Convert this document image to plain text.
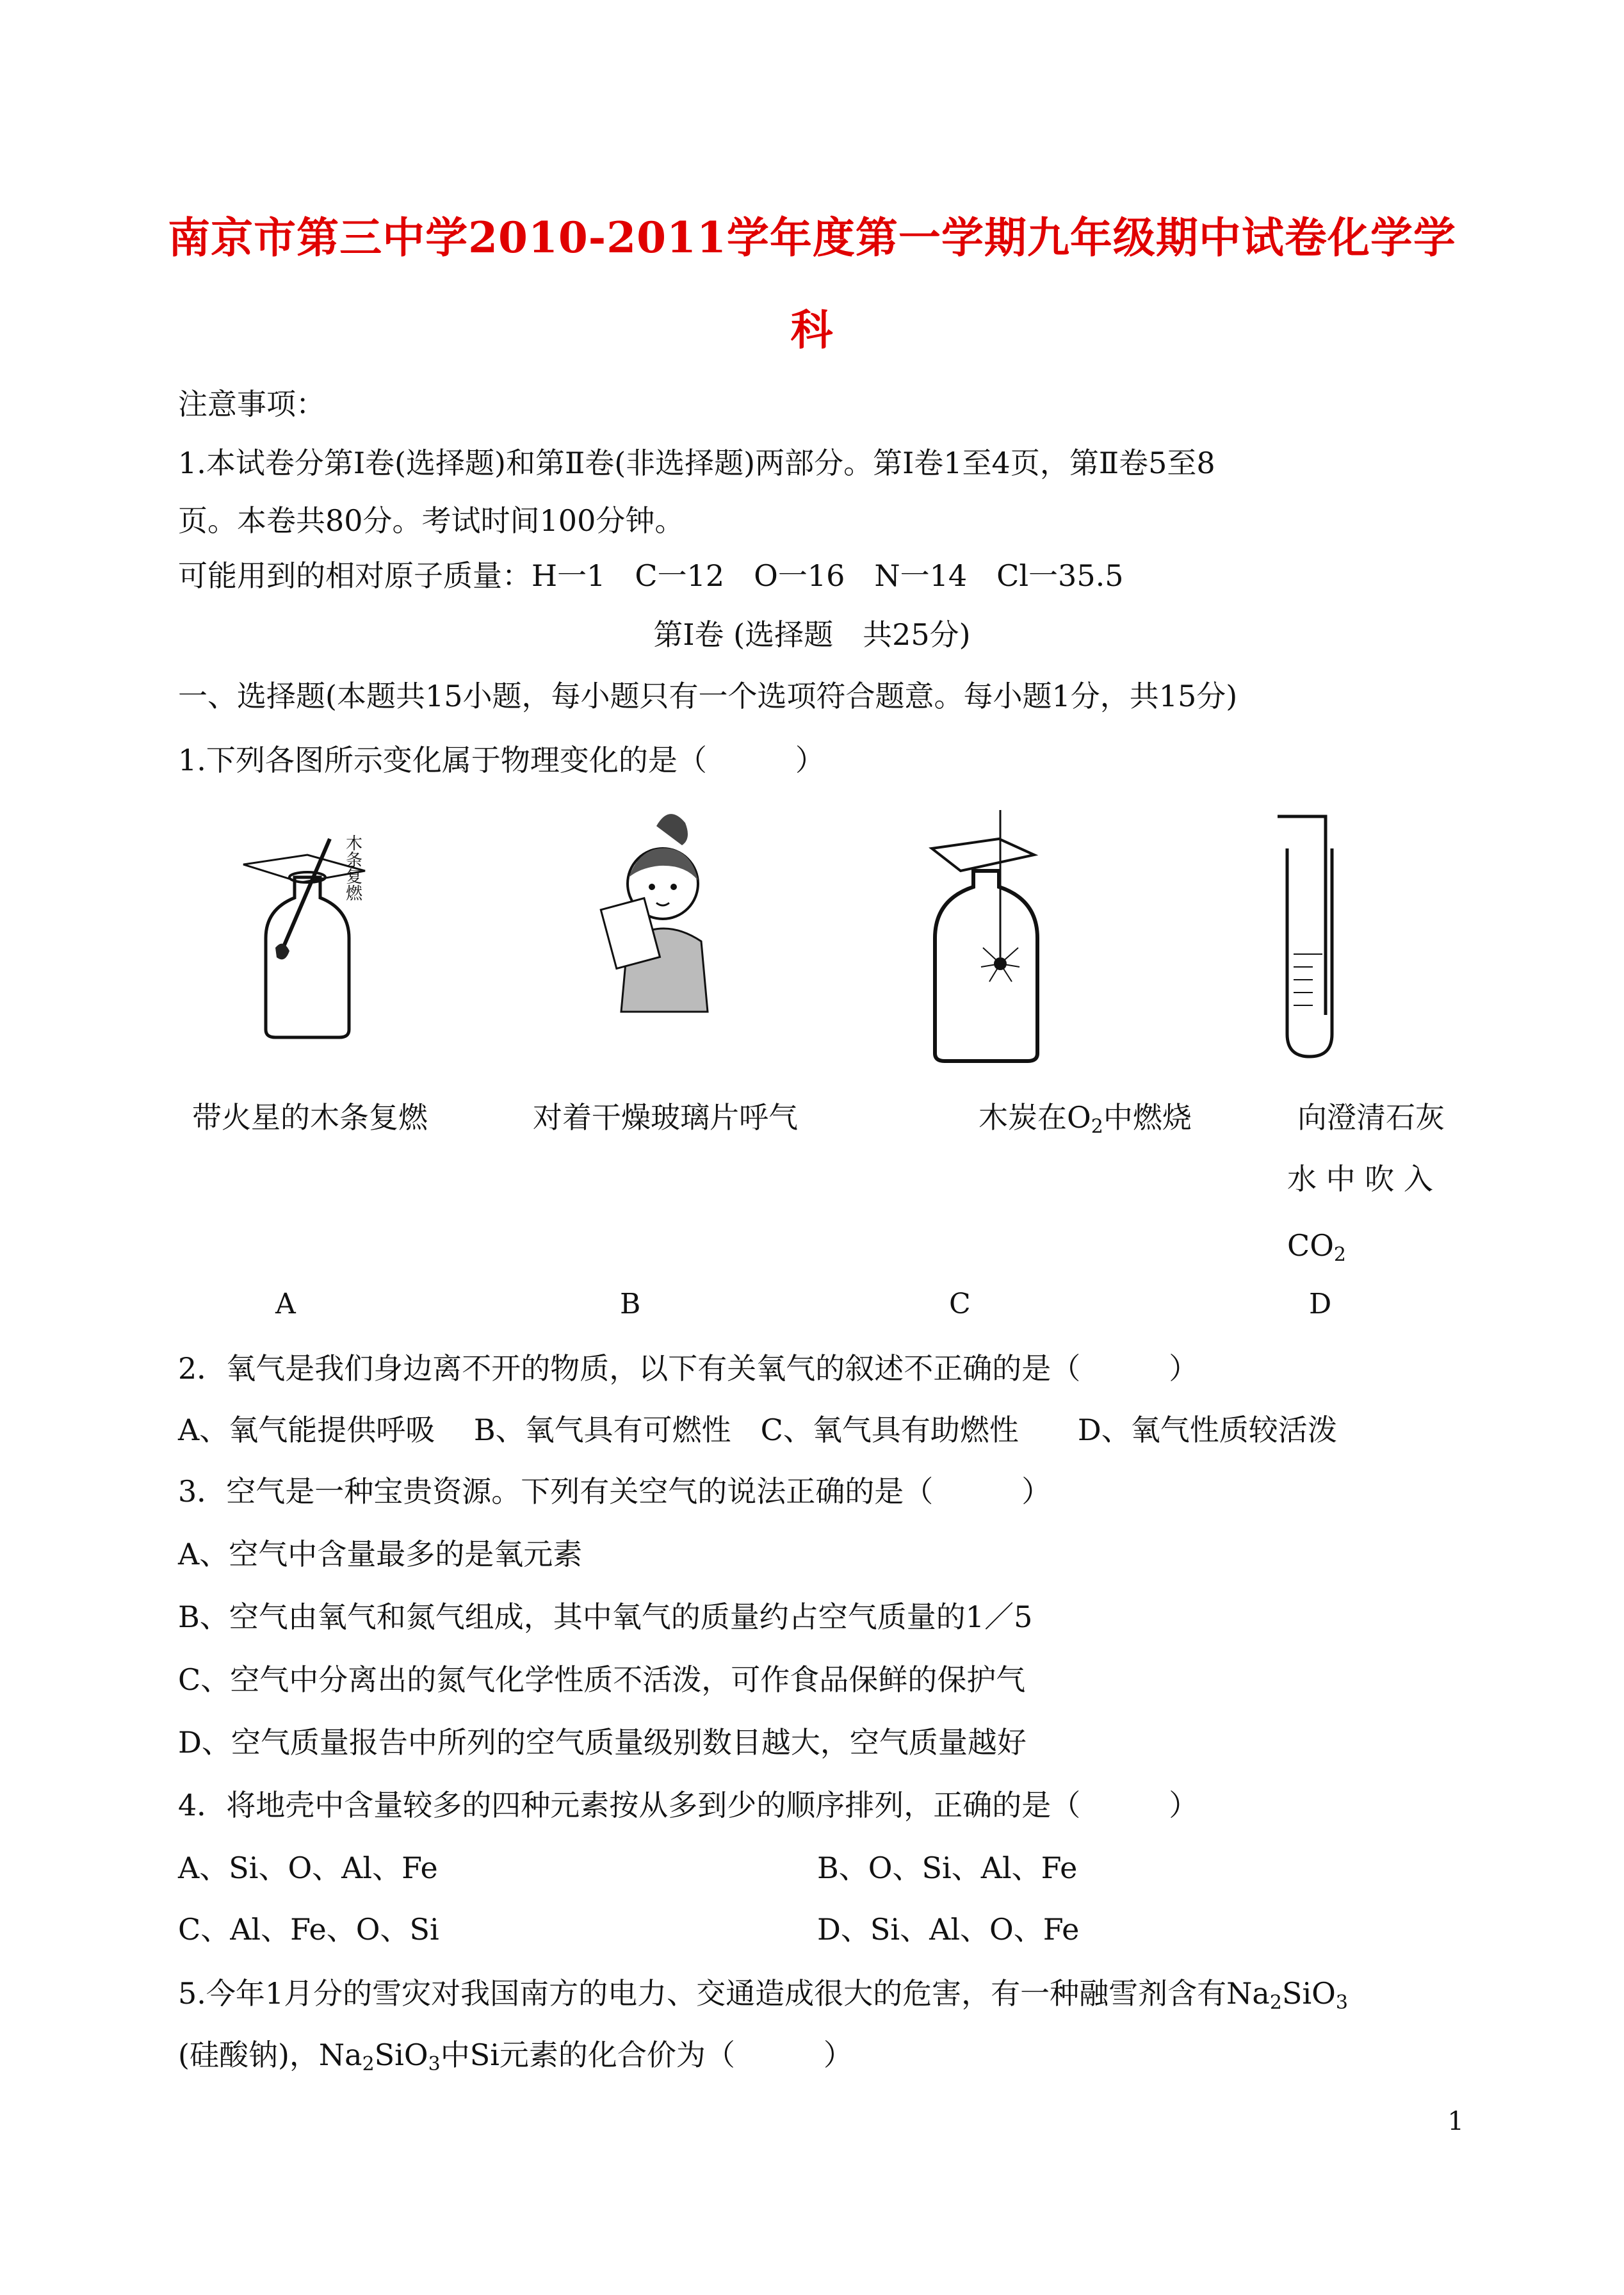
南京市第三中学2010-2011学年度第一学期九年级期中试卷化学学
科
注意事项：
1.本试卷分第Ⅰ卷(选择题)和第Ⅱ卷(非选择题)两部分。第Ⅰ卷1至4页，第Ⅱ卷5至8
页。本卷共80分。考试时间100分钟。
可能用到的相对原子质量：H一1　C一12　O一16　N一14　Cl一35.5
第Ⅰ卷 (选择题　共25分)
一、选择题(本题共15小题，每小题只有一个选项符合题意。每小题1分，共15分)
1.下列各图所示变化属于物理变化的是（　　　）
木条复燃
带火星的木条复燃	对着干燥玻璃片呼气	木炭在$O_2$中燃烧	向澄清石灰
水 中 吹 入
$CO_2$
A	B	C	D
2．氧气是我们身边离不开的物质，以下有关氧气的叙述不正确的是（　　　）
A、氧气能提供呼吸　 B、氧气具有可燃性　C、氧气具有助燃性　　D、氧气性质较活泼
3．空气是一种宝贵资源。下列有关空气的说法正确的是（　　　）
A、空气中含量最多的是氧元素
B、空气由氧气和氮气组成，其中氧气的质量约占空气质量的1／5
C、空气中分离出的氮气化学性质不活泼，可作食品保鲜的保护气
D、空气质量报告中所列的空气质量级别数目越大，空气质量越好
4．将地壳中含量较多的四种元素按从多到少的顺序排列，正确的是（　　　）
A、Si、O、Al、Fe	B、O、Si、Al、Fe
C、Al、Fe、O、Si	D、Si、Al、O、Fe
5.今年1月分的雪灾对我国南方的电力、交通造成很大的危害，有一种融雪剂含有$Na_2SiO_3$
(硅酸钠)，$Na_2SiO_3$中Si元素的化合价为（　　　）
1
